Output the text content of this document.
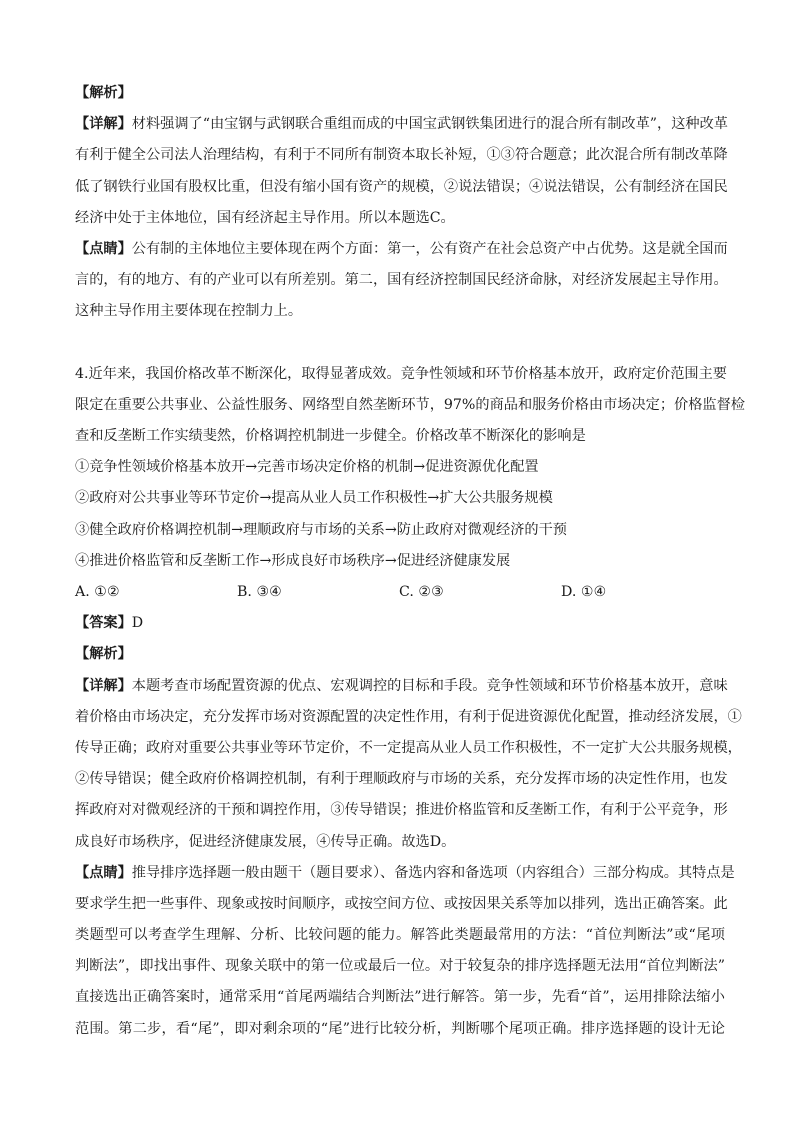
【解析】
【详解】材料强调了“由宝钢与武钢联合重组而成的中国宝武钢铁集团进行的混合所有制改革”，这种改革
有利于健全公司法人治理结构，有利于不同所有制资本取长补短，①③符合题意；此次混合所有制改革降
低了钢铁行业国有股权比重，但没有缩小国有资产的规模，②说法错误；④说法错误，公有制经济在国民
经济中处于主体地位，国有经济起主导作用。所以本题选C。
【点睛】公有制的主体地位主要体现在两个方面：第一，公有资产在社会总资产中占优势。这是就全国而
言的，有的地方、有的产业可以有所差别。第二，国有经济控制国民经济命脉，对经济发展起主导作用。
这种主导作用主要体现在控制力上。
4.近年来，我国价格改革不断深化，取得显著成效。竞争性领域和环节价格基本放开，政府定价范围主要
限定在重要公共事业、公益性服务、网络型自然垄断环节，97%的商品和服务价格由市场决定；价格监督检
查和反垄断工作实绩斐然，价格调控机制进一步健全。价格改革不断深化的影响是
①竞争性领域价格基本放开→完善市场决定价格的机制→促进资源优化配置
②政府对公共事业等环节定价→提高从业人员工作积极性→扩大公共服务规模
③健全政府价格调控机制→理顺政府与市场的关系→防止政府对微观经济的干预
④推进价格监管和反垄断工作→形成良好市场秩序→促进经济健康发展
A. ①②	B. ③④	C. ②③	D. ①④
【答案】D
【解析】
【详解】本题考查市场配置资源的优点、宏观调控的目标和手段。竞争性领域和环节价格基本放开，意味
着价格由市场决定，充分发挥市场对资源配置的决定性作用，有利于促进资源优化配置，推动经济发展，①
传导正确；政府对重要公共事业等环节定价，不一定提高从业人员工作积极性，不一定扩大公共服务规模，
②传导错误；健全政府价格调控机制，有利于理顺政府与市场的关系，充分发挥市场的决定性作用，也发
挥政府对对微观经济的干预和调控作用，③传导错误；推进价格监管和反垄断工作，有利于公平竞争，形
成良好市场秩序，促进经济健康发展，④传导正确。故选D。
【点睛】推导排序选择题一般由题干（题目要求）、备选内容和备选项（内容组合）三部分构成。其特点是
要求学生把一些事件、现象或按时间顺序，或按空间方位、或按因果关系等加以排列，选出正确答案。此
类题型可以考查学生理解、分析、比较问题的能力。解答此类题最常用的方法：“首位判断法”或“尾项
判断法”，即找出事件、现象关联中的第一位或最后一位。对于较复杂的排序选择题无法用“首位判断法”
直接选出正确答案时，通常采用“首尾两端结合判断法”进行解答。第一步，先看“首”，运用排除法缩小
范围。第二步，看“尾”，即对剩余项的“尾”进行比较分析，判断哪个尾项正确。排序选择题的设计无论
